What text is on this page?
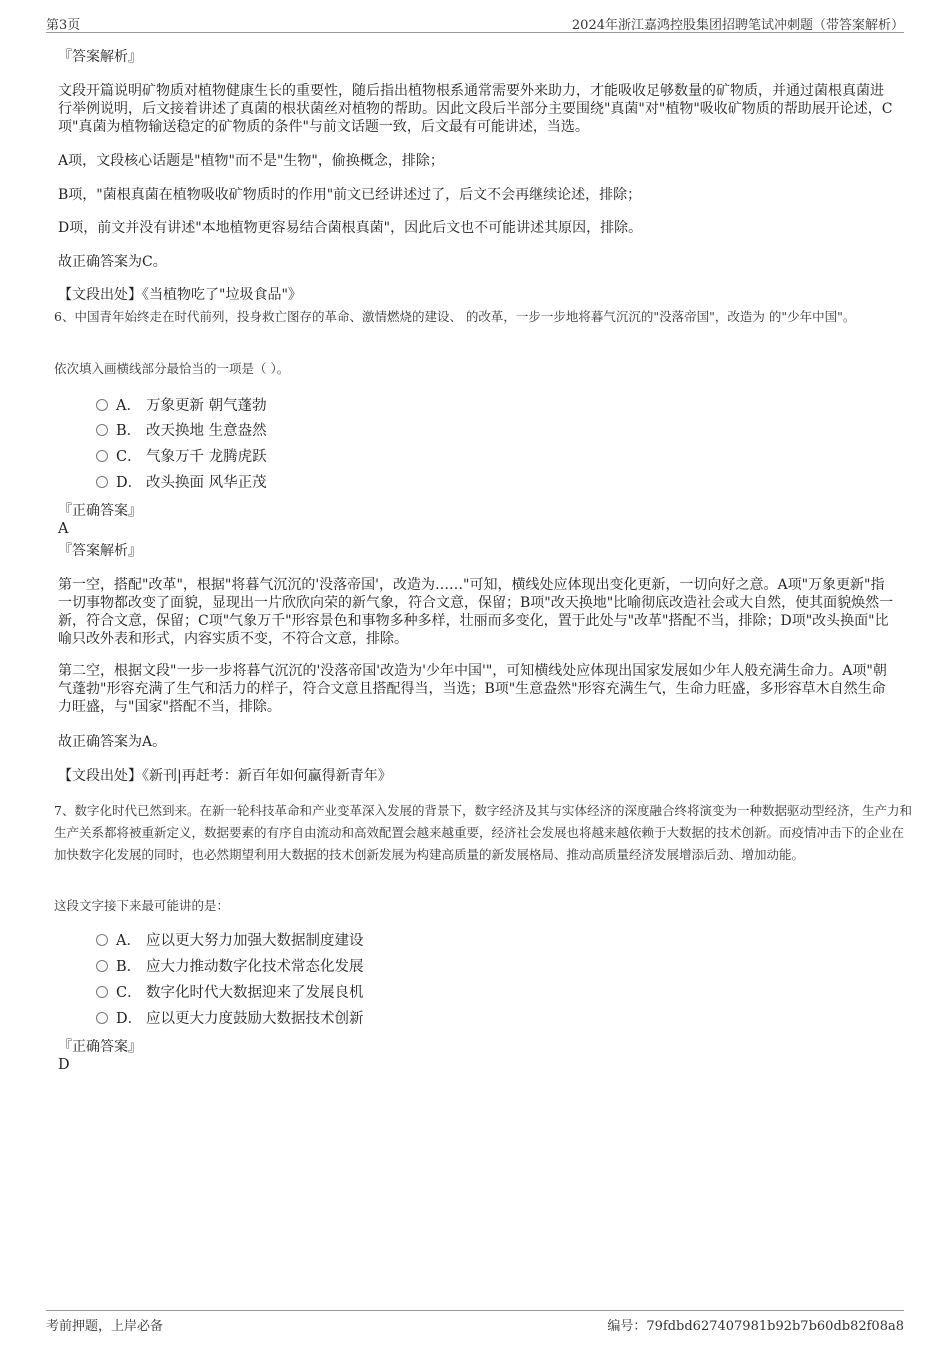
第3页	2024年浙江嘉鸿控股集团招聘笔试冲刺题（带答案解析）
『答案解析』

文段开篇说明矿物质对植物健康生长的重要性，随后指出植物根系通常需要外来助力，才能吸收足够数量的矿物质，并通过菌根真菌进行举例说明，后文接着讲述了真菌的根状菌丝对植物的帮助。因此文段后半部分主要围绕"真菌"对"植物"吸收矿物质的帮助展开论述，C项"真菌为植物输送稳定的矿物质的条件"与前文话题一致，后文最有可能讲述，当选。

A项，文段核心话题是"植物"而不是"生物"，偷换概念，排除；

B项，"菌根真菌在植物吸收矿物质时的作用"前文已经讲述过了，后文不会再继续论述，排除；

D项，前文并没有讲述"本地植物更容易结合菌根真菌"，因此后文也不可能讲述其原因，排除。

故正确答案为C。

【文段出处】《当植物吃了"垃圾食品"》

6、中国青年始终走在时代前列，投身救亡图存的革命、激情燃烧的建设、 的改革，一步一步地将暮气沉沉的"没落帝国"，改造为 的"少年中国"。

依次填入画横线部分最恰当的一项是（ ）。

A． 万象更新 朝气蓬勃
B． 改天换地 生意盎然
C． 气象万千 龙腾虎跃
D． 改头换面 风华正茂
『正确答案』
A
『答案解析』

第一空，搭配"改革"，根据"将暮气沉沉的'没落帝国'，改造为……"可知，横线处应体现出变化更新，一切向好之意。A项"万象更新"指一切事物都改变了面貌，显现出一片欣欣向荣的新气象，符合文意，保留；B项"改天换地"比喻彻底改造社会或大自然，使其面貌焕然一新，符合文意，保留；C项"气象万千"形容景色和事物多种多样，壮丽而多变化，置于此处与"改革"搭配不当，排除；D项"改头换面"比喻只改外表和形式，内容实质不变，不符合文意，排除。

第二空，根据文段"一步一步将暮气沉沉的'没落帝国'改造为'少年中国'"，可知横线处应体现出国家发展如少年人般充满生命力。A项"朝气蓬勃"形容充满了生气和活力的样子，符合文意且搭配得当，当选；B项"生意盎然"形容充满生气，生命力旺盛，多形容草木自然生命力旺盛，与"国家"搭配不当，排除。

故正确答案为A。

【文段出处】《新刊|再赶考：新百年如何赢得新青年》

7、数字化时代已然到来。在新一轮科技革命和产业变革深入发展的背景下，数字经济及其与实体经济的深度融合终将演变为一种数据驱动型经济，生产力和生产关系都将被重新定义，数据要素的有序自由流动和高效配置会越来越重要，经济社会发展也将越来越依赖于大数据的技术创新。而疫情冲击下的企业在加快数字化发展的同时，也必然期望利用大数据的技术创新发展为构建高质量的新发展格局、推动高质量经济发展增添后劲、增加动能。

这段文字接下来最可能讲的是：

A． 应以更大努力加强大数据制度建设
B． 应大力推动数字化技术常态化发展
C． 数字化时代大数据迎来了发展良机
D． 应以更大力度鼓励大数据技术创新
『正确答案』
D
考前押题，上岸必备	编号：79fdbd627407981b92b7b60db82f08a8
